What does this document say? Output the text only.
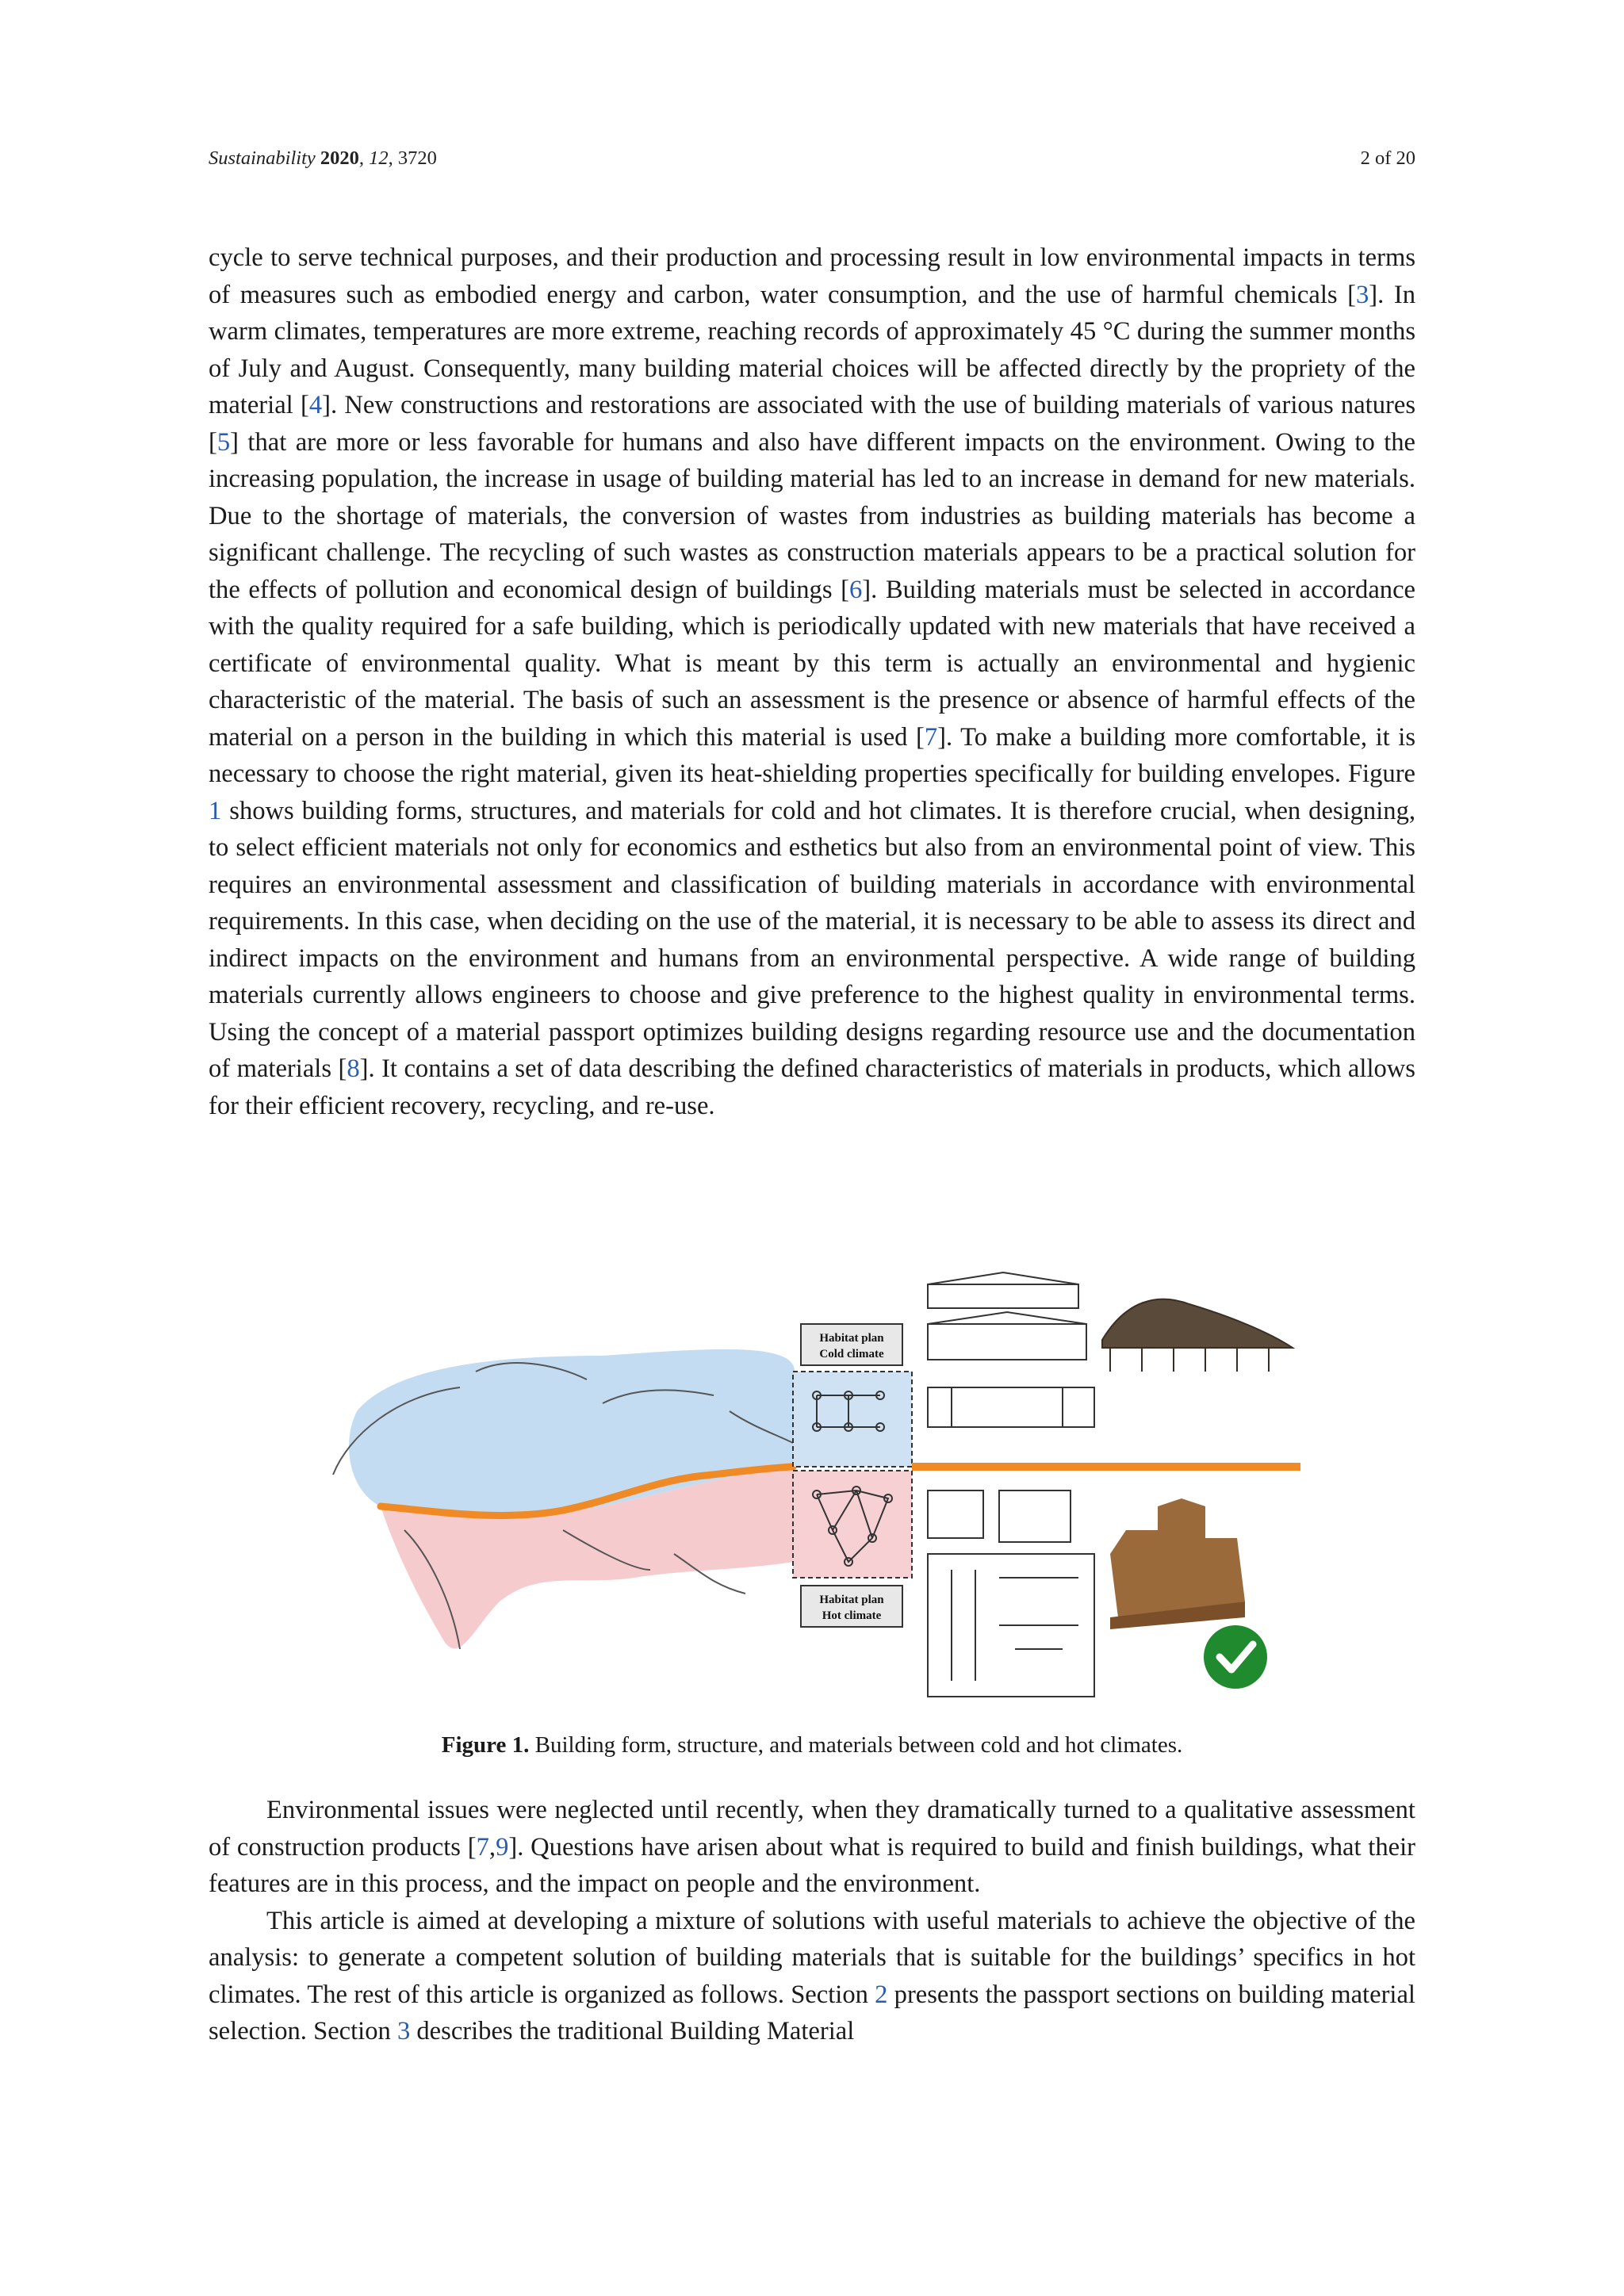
Sustainability 2020, 12, 3720	2 of 20

cycle to serve technical purposes, and their production and processing result in low environmental impacts in terms of measures such as embodied energy and carbon, water consumption, and the use of harmful chemicals [3]. In warm climates, temperatures are more extreme, reaching records of approximately 45 °C during the summer months of July and August. Consequently, many building material choices will be affected directly by the propriety of the material [4]. New constructions and restorations are associated with the use of building materials of various natures [5] that are more or less favorable for humans and also have different impacts on the environment. Owing to the increasing population, the increase in usage of building material has led to an increase in demand for new materials. Due to the shortage of materials, the conversion of wastes from industries as building materials has become a significant challenge. The recycling of such wastes as construction materials appears to be a practical solution for the effects of pollution and economical design of buildings [6]. Building materials must be selected in accordance with the quality required for a safe building, which is periodically updated with new materials that have received a certificate of environmental quality. What is meant by this term is actually an environmental and hygienic characteristic of the material. The basis of such an assessment is the presence or absence of harmful effects of the material on a person in the building in which this material is used [7]. To make a building more comfortable, it is necessary to choose the right material, given its heat-shielding properties specifically for building envelopes. Figure 1 shows building forms, structures, and materials for cold and hot climates. It is therefore crucial, when designing, to select efficient materials not only for economics and esthetics but also from an environmental point of view. This requires an environmental assessment and classification of building materials in accordance with environmental requirements. In this case, when deciding on the use of the material, it is necessary to be able to assess its direct and indirect impacts on the environment and humans from an environmental perspective. A wide range of building materials currently allows engineers to choose and give preference to the highest quality in environmental terms. Using the concept of a material passport optimizes building designs regarding resource use and the documentation of materials [8]. It contains a set of data describing the defined characteristics of materials in products, which allows for their efficient recovery, recycling, and re-use.

Habitat plan
Cold climate
Habitat plan
Hot climate
Figure 1. Building form, structure, and materials between cold and hot climates.

Environmental issues were neglected until recently, when they dramatically turned to a qualitative assessment of construction products [7,9]. Questions have arisen about what is required to build and finish buildings, what their features are in this process, and the impact on people and the environment.

This article is aimed at developing a mixture of solutions with useful materials to achieve the objective of the analysis: to generate a competent solution of building materials that is suitable for the buildings’ specifics in hot climates. The rest of this article is organized as follows. Section 2 presents the passport sections on building material selection. Section 3 describes the traditional Building Material
